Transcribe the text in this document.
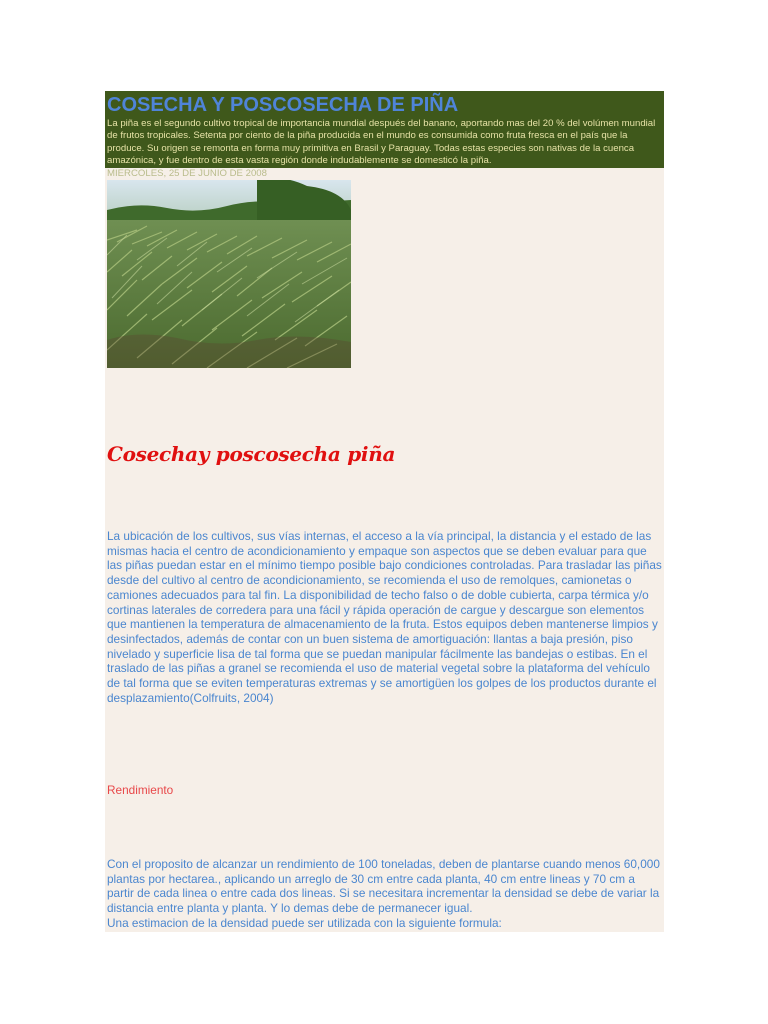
COSECHA Y POSCOSECHA DE PIÑA
La piña es el segundo cultivo tropical de importancia mundial después del banano, aportando mas del 20 % del volúmen mundial de frutos tropicales. Setenta por ciento de la piña producida en el mundo es consumida como fruta fresca en el país que la produce. Su origen se remonta en forma muy primitiva en Brasil y Paraguay. Todas estas especies son nativas de la cuenca amazónica, y fue dentro de esta vasta región donde indudablemente se domesticó la piña.
MIERCOLES, 25 DE JUNIO DE 2008
Cosechay poscosecha piña

La ubicación de los cultivos, sus vías internas, el acceso a la vía principal, la distancia y el estado de las mismas hacia el centro de acondicionamiento y empaque son aspectos que se deben evaluar para que las piñas puedan estar en el mínimo tiempo posible bajo condiciones controladas. Para trasladar las piñas desde del cultivo al centro de acondicionamiento, se recomienda el uso de remolques, camionetas o camiones adecuados para tal fin. La disponibilidad de techo falso o de doble cubierta, carpa térmica y/o cortinas laterales de corredera para una fácil y rápida operación de cargue y descargue son elementos que mantienen la temperatura de almacenamiento de la fruta. Estos equipos deben mantenerse limpios y desinfectados, además de contar con un buen sistema de amortiguación: llantas a baja presión, piso nivelado y superficie lisa de tal forma que se puedan manipular fácilmente las bandejas o estibas. En el traslado de las piñas a granel se recomienda el uso de material vegetal sobre la plataforma del vehículo de tal forma que se eviten temperaturas extremas y se amortigüen los golpes de los productos durante el desplazamiento(Colfruits, 2004)

Rendimiento

Con el proposito de alcanzar un rendimiento de 100 toneladas, deben de plantarse cuando menos 60,000 plantas por hectarea., aplicando un arreglo de 30 cm entre cada planta, 40 cm entre lineas y 70 cm a partir de cada linea o entre cada dos lineas. Si se necesitara incrementar la densidad se debe de variar la distancia entre planta y planta. Y lo demas debe de permanecer igual.

Una estimacion de la densidad puede ser utilizada con la siguiente formula:
